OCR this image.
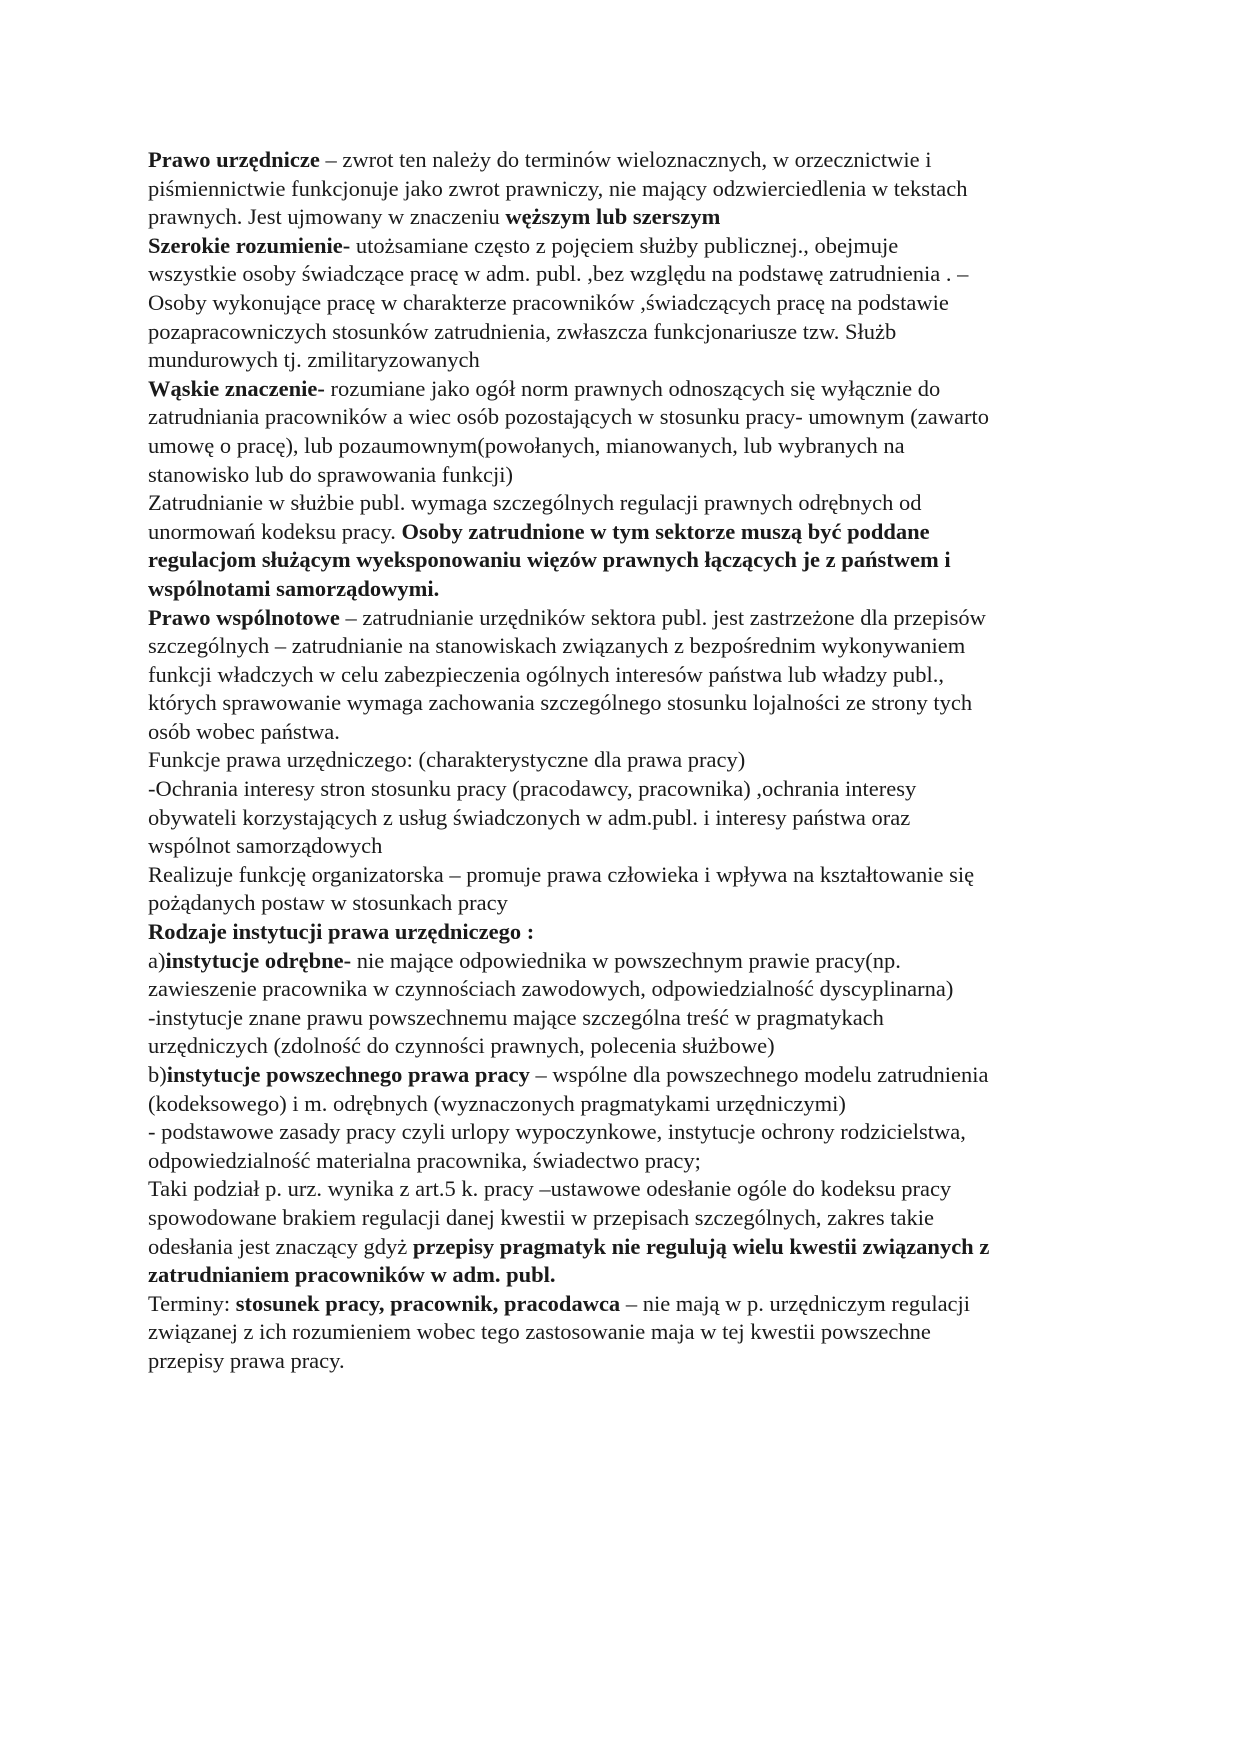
Prawo urzędnicze – zwrot ten należy do terminów wieloznacznych, w orzecznictwie i
piśmiennictwie funkcjonuje jako zwrot prawniczy, nie mający odzwierciedlenia w tekstach
prawnych. Jest ujmowany w znaczeniu węższym lub szerszym
Szerokie rozumienie- utożsamiane często z pojęciem służby publicznej., obejmuje
wszystkie osoby świadczące pracę w adm. publ. ,bez względu na podstawę zatrudnienia . –
Osoby wykonujące pracę w charakterze pracowników ,świadczących pracę na podstawie
pozapracowniczych stosunków zatrudnienia, zwłaszcza funkcjonariusze tzw. Służb
mundurowych tj. zmilitaryzowanych
Wąskie znaczenie- rozumiane jako ogół norm prawnych odnoszących się wyłącznie do
zatrudniania pracowników a wiec osób pozostających w stosunku pracy- umownym (zawarto
umowę o pracę), lub pozaumownym(powołanych, mianowanych, lub wybranych na
stanowisko lub do sprawowania funkcji)
Zatrudnianie w służbie publ. wymaga szczególnych regulacji prawnych odrębnych od
unormowań kodeksu pracy. Osoby zatrudnione w tym sektorze muszą być poddane
regulacjom służącym wyeksponowaniu więzów prawnych łączących je z państwem i
wspólnotami samorządowymi.
Prawo wspólnotowe – zatrudnianie urzędników sektora publ. jest zastrzeżone dla przepisów
szczególnych – zatrudnianie na stanowiskach związanych z bezpośrednim wykonywaniem
funkcji władczych w celu zabezpieczenia ogólnych interesów państwa lub władzy publ.,
których sprawowanie wymaga zachowania szczególnego stosunku lojalności ze strony tych
osób wobec państwa.
Funkcje prawa urzędniczego: (charakterystyczne dla prawa pracy)
-Ochrania interesy stron stosunku pracy (pracodawcy, pracownika) ,ochrania interesy
obywateli korzystających z usług świadczonych w adm.publ. i interesy państwa oraz
wspólnot samorządowych
Realizuje funkcję organizatorska – promuje prawa człowieka i wpływa na kształtowanie się
pożądanych postaw w stosunkach pracy
Rodzaje instytucji prawa urzędniczego :
a)instytucje odrębne- nie mające odpowiednika w powszechnym prawie pracy(np.
zawieszenie pracownika w czynnościach zawodowych, odpowiedzialność dyscyplinarna)
-instytucje znane prawu powszechnemu mające szczególna treść w pragmatykach
urzędniczych (zdolność do czynności prawnych, polecenia służbowe)
b)instytucje powszechnego prawa pracy – wspólne dla powszechnego modelu zatrudnienia
(kodeksowego) i m. odrębnych (wyznaczonych pragmatykami urzędniczymi)
- podstawowe zasady pracy czyli urlopy wypoczynkowe, instytucje ochrony rodzicielstwa,
odpowiedzialność materialna pracownika, świadectwo pracy;
Taki podział p. urz. wynika z art.5 k. pracy –ustawowe odesłanie ogóle do kodeksu pracy
spowodowane brakiem regulacji danej kwestii w przepisach szczególnych, zakres takie
odesłania jest znaczący gdyż przepisy pragmatyk nie regulują wielu kwestii związanych z
zatrudnianiem pracowników w adm. publ.
Terminy: stosunek pracy, pracownik, pracodawca – nie mają w p. urzędniczym regulacji
związanej z ich rozumieniem wobec tego zastosowanie maja w tej kwestii powszechne
przepisy prawa pracy.
